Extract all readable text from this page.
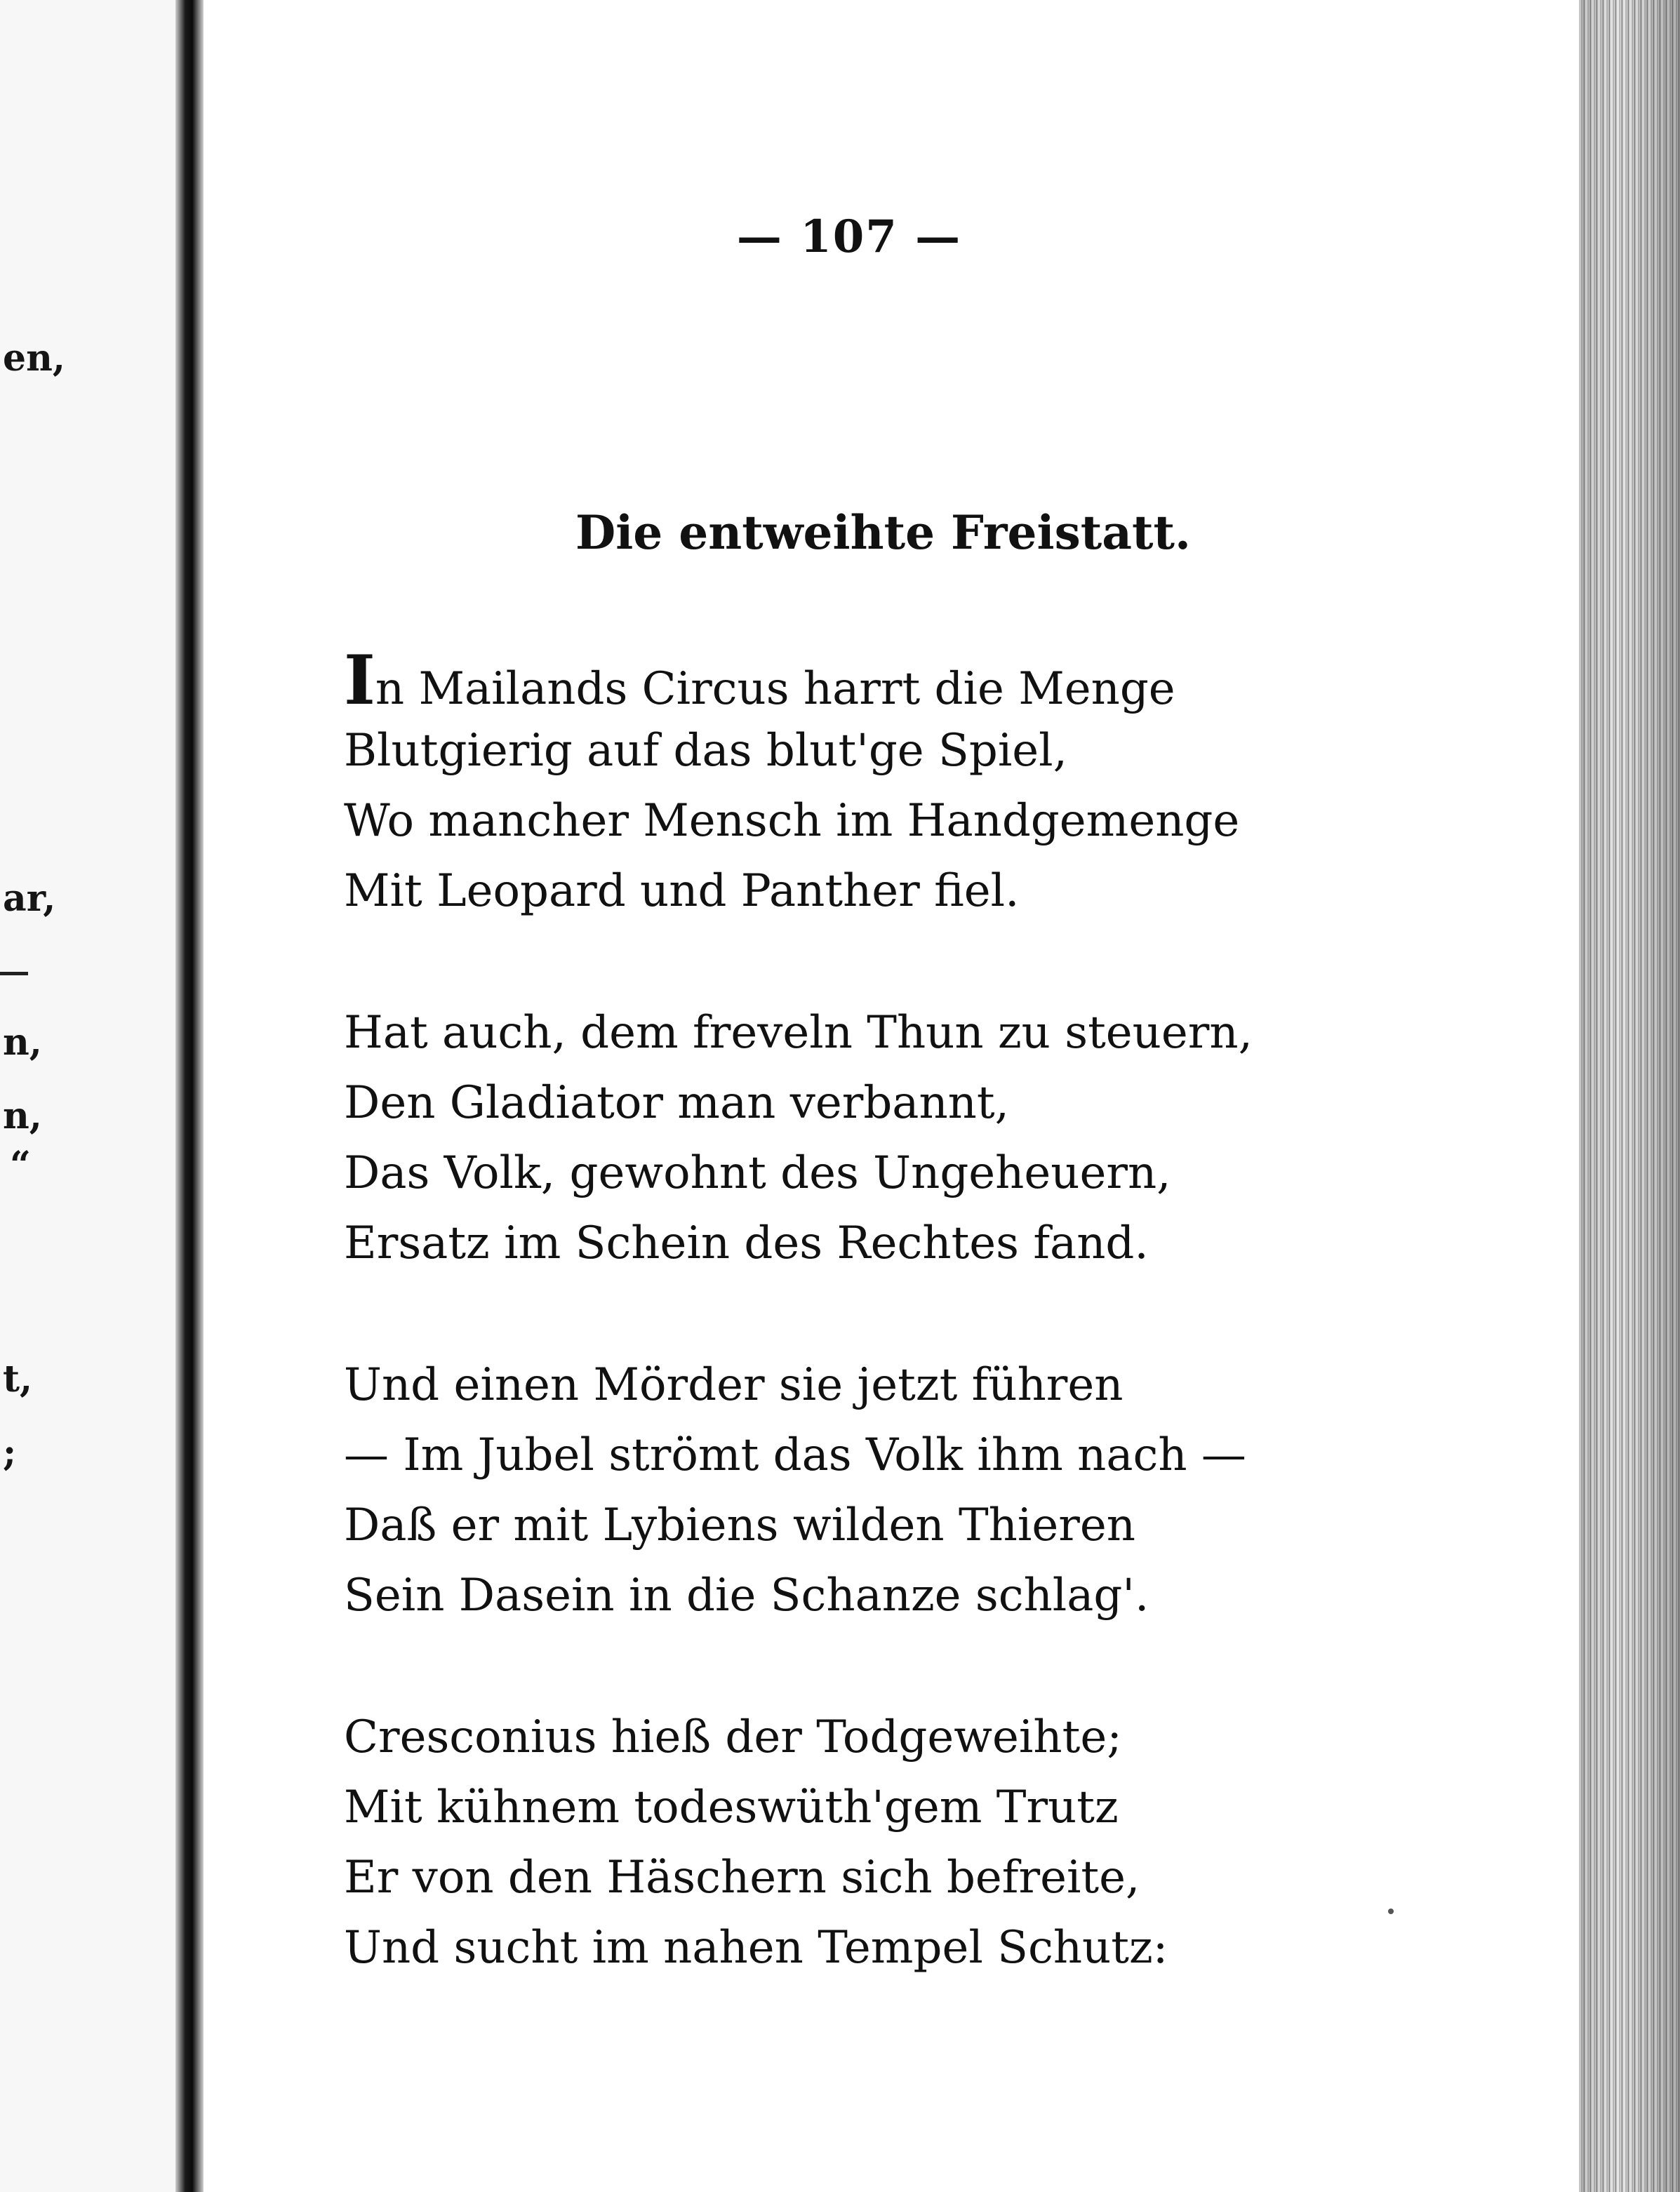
en,
ar,
n,
n,
“
t,
;
— 107 —
Die entweihte Freistatt.
In Mailands Circus harrt die Menge
Blutgierig auf das blut'ge Spiel,
Wo mancher Mensch im Handgemenge
Mit Leopard und Panther fiel.
Hat auch, dem freveln Thun zu steuern,
Den Gladiator man verbannt,
Das Volk, gewohnt des Ungeheuern,
Ersatz im Schein des Rechtes fand.
Und einen Mörder sie jetzt führen
— Im Jubel strömt das Volk ihm nach —
Daß er mit Lybiens wilden Thieren
Sein Dasein in die Schanze schlag'.
Cresconius hieß der Todgeweihte;
Mit kühnem todeswüth'gem Trutz
Er von den Häschern sich befreite,
Und sucht im nahen Tempel Schutz:
